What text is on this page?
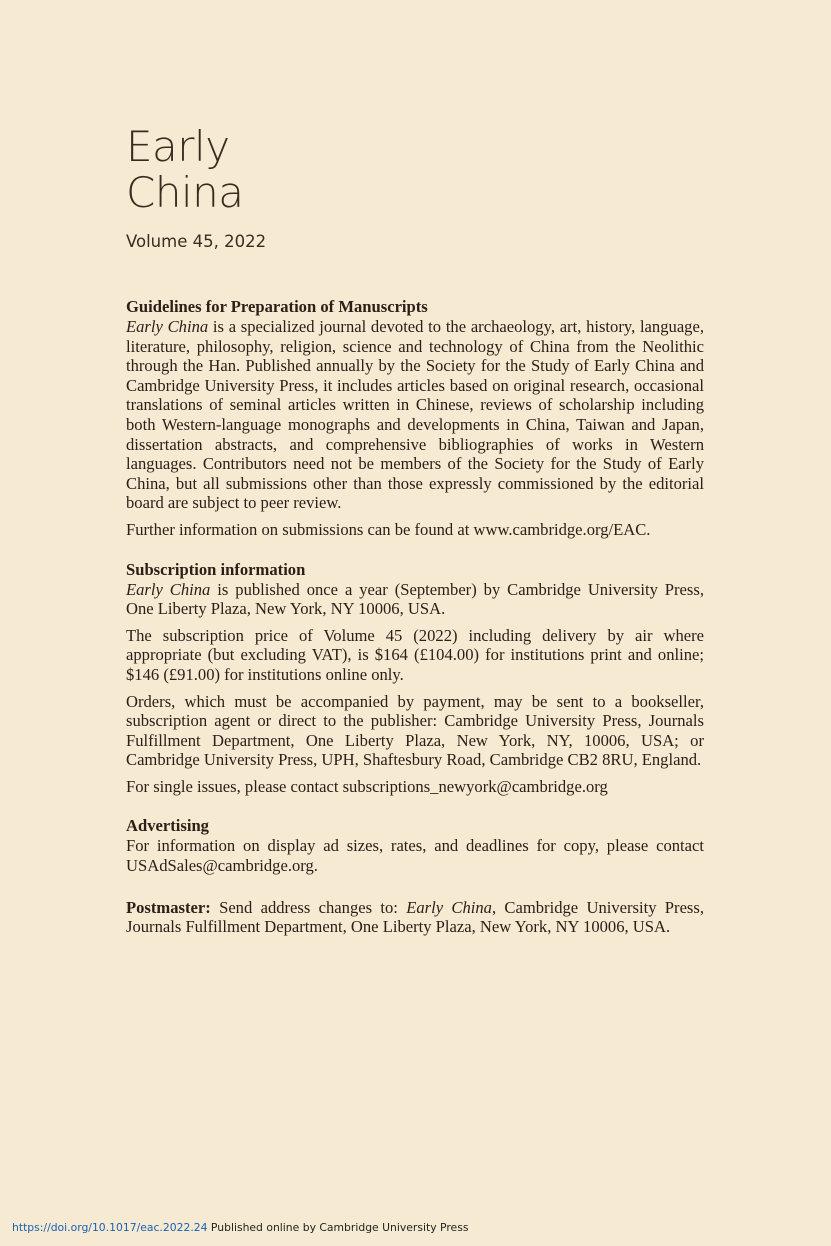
Early
China
Volume 45, 2022
Guidelines for Preparation of Manuscripts

Early China is a specialized journal devoted to the archaeology, art, history, language, literature, philosophy, religion, science and technology of China from the Neolithic through the Han. Published annually by the Society for the Study of Early China and Cambridge University Press, it includes articles based on original research, occasional translations of seminal articles written in Chinese, reviews of scholarship including both Western-language monographs and developments in China, Taiwan and Japan, dissertation abstracts, and comprehensive bibliographies of works in Western languages. Contributors need not be members of the Society for the Study of Early China, but all submissions other than those expressly commissioned by the editorial board are subject to peer review.

Further information on submissions can be found at www.cambridge.org/EAC.

Subscription information

Early China is published once a year (September) by Cambridge University Press, One Liberty Plaza, New York, NY 10006, USA.

The subscription price of Volume 45 (2022) including delivery by air where appropriate (but excluding VAT), is $164 (£104.00) for institutions print and online; $146 (£91.00) for institutions online only.

Orders, which must be accompanied by payment, may be sent to a bookseller, subscription agent or direct to the publisher: Cambridge University Press, Journals Fulfillment Department, One Liberty Plaza, New York, NY, 10006, USA; or Cambridge University Press, UPH, Shaftesbury Road, Cambridge CB2 8RU, England.

For single issues, please contact subscriptions_newyork@cambridge.org

Advertising

For information on display ad sizes, rates, and deadlines for copy, please contact USAdSales@cambridge.org.

Postmaster: Send address changes to: Early China, Cambridge University Press, Journals Fulfillment Department, One Liberty Plaza, New York, NY 10006, USA.

https://doi.org/10.1017/eac.2022.24 Published online by Cambridge University Press
